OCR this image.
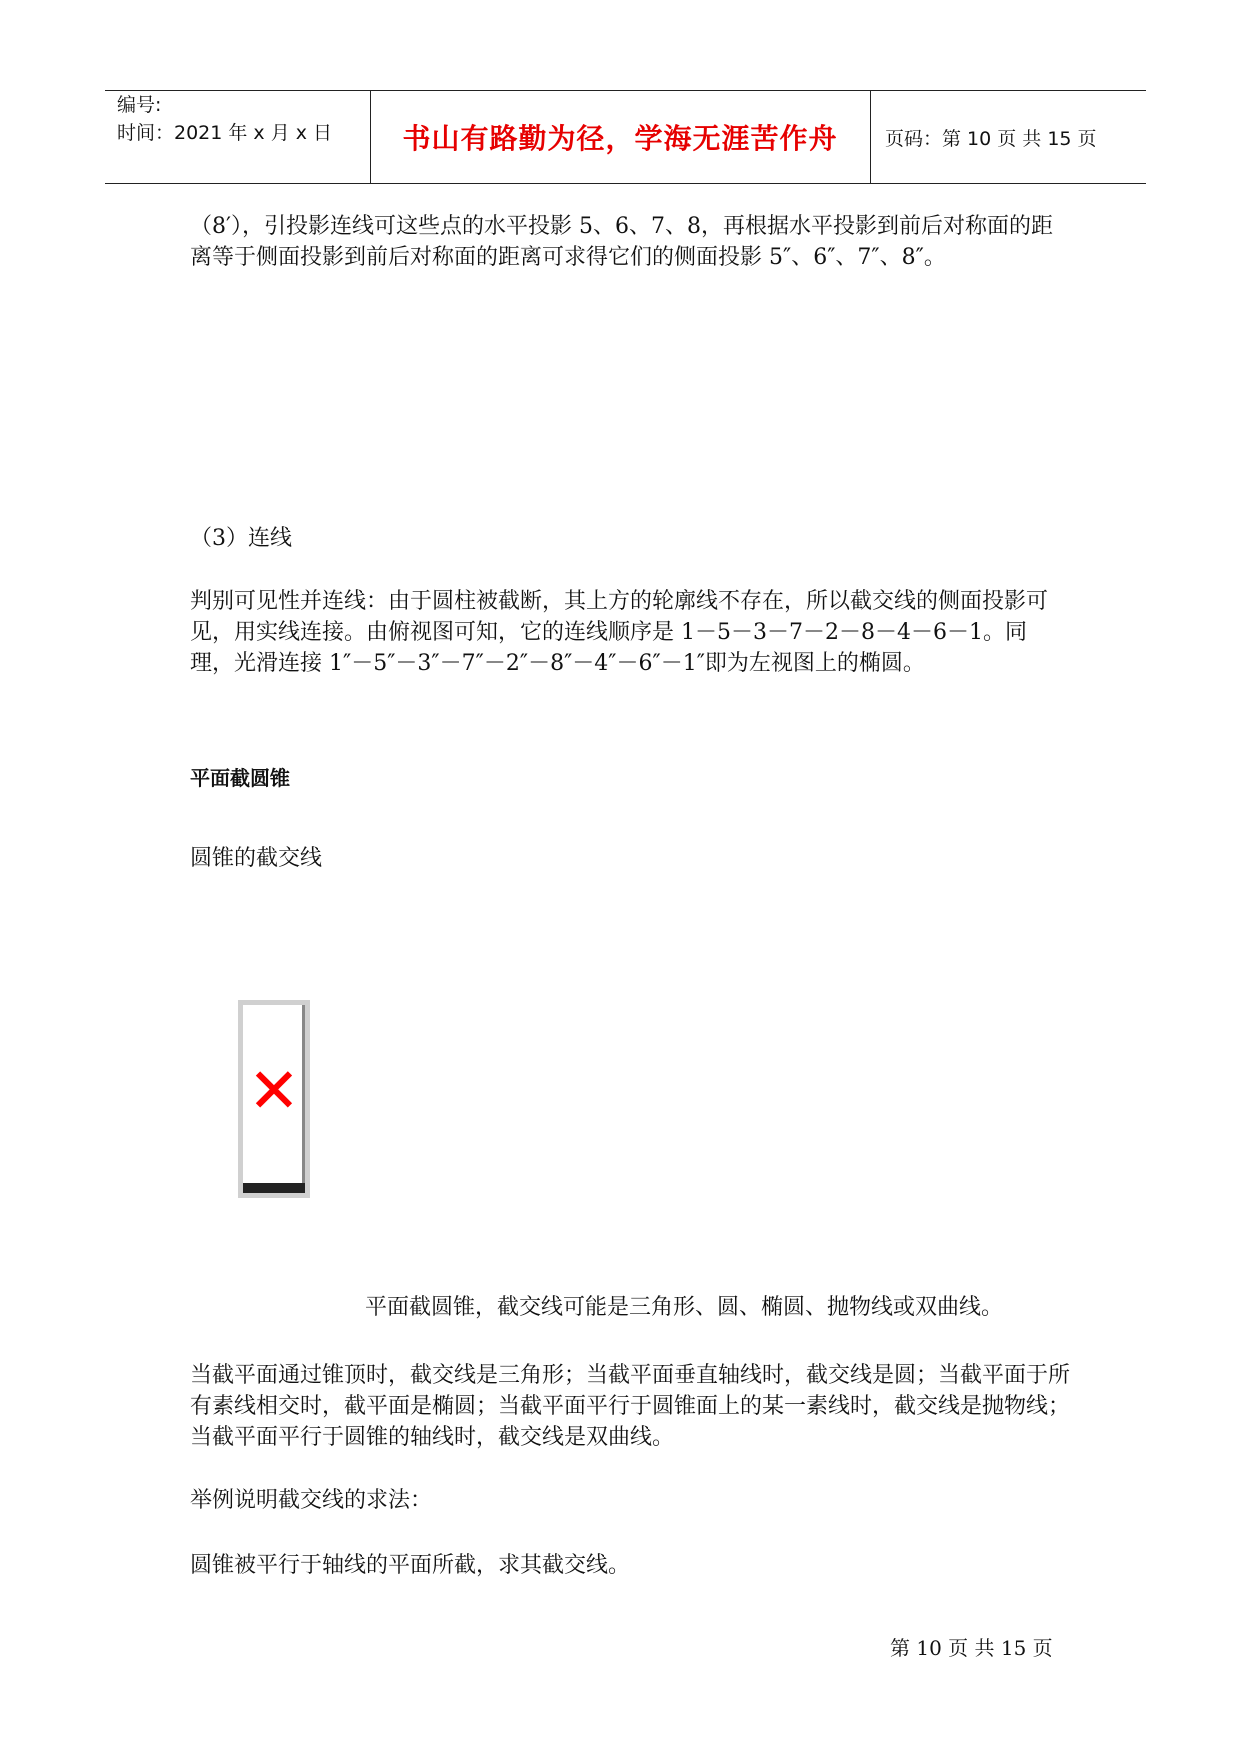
编号:
时间：2021 年 x 月 x 日	书山有路勤为径，学海无涯苦作舟	页码：第 10 页 共 15 页
（8′），引投影连线可这些点的水平投影 5、6、7、8，再根据水平投影到前后对称面的距离等于侧面投影到前后对称面的距离可求得它们的侧面投影 5″、6″、7″、8″。
（3）连线
判别可见性并连线：由于圆柱被截断，其上方的轮廓线不存在，所以截交线的侧面投影可见，用实线连接。由俯视图可知，它的连线顺序是 1－5－3－7－2－8－4－6－1。同理，光滑连接 1″－5″－3″－7″－2″－8″－4″－6″－1″即为左视图上的椭圆。
平面截圆锥
圆锥的截交线
✕
平面截圆锥，截交线可能是三角形、圆、椭圆、抛物线或双曲线。
当截平面通过锥顶时，截交线是三角形；当截平面垂直轴线时，截交线是圆；当截平面于所有素线相交时，截平面是椭圆；当截平面平行于圆锥面上的某一素线时，截交线是抛物线；当截平面平行于圆锥的轴线时，截交线是双曲线。
举例说明截交线的求法：
圆锥被平行于轴线的平面所截，求其截交线。
第 10 页 共 15 页
